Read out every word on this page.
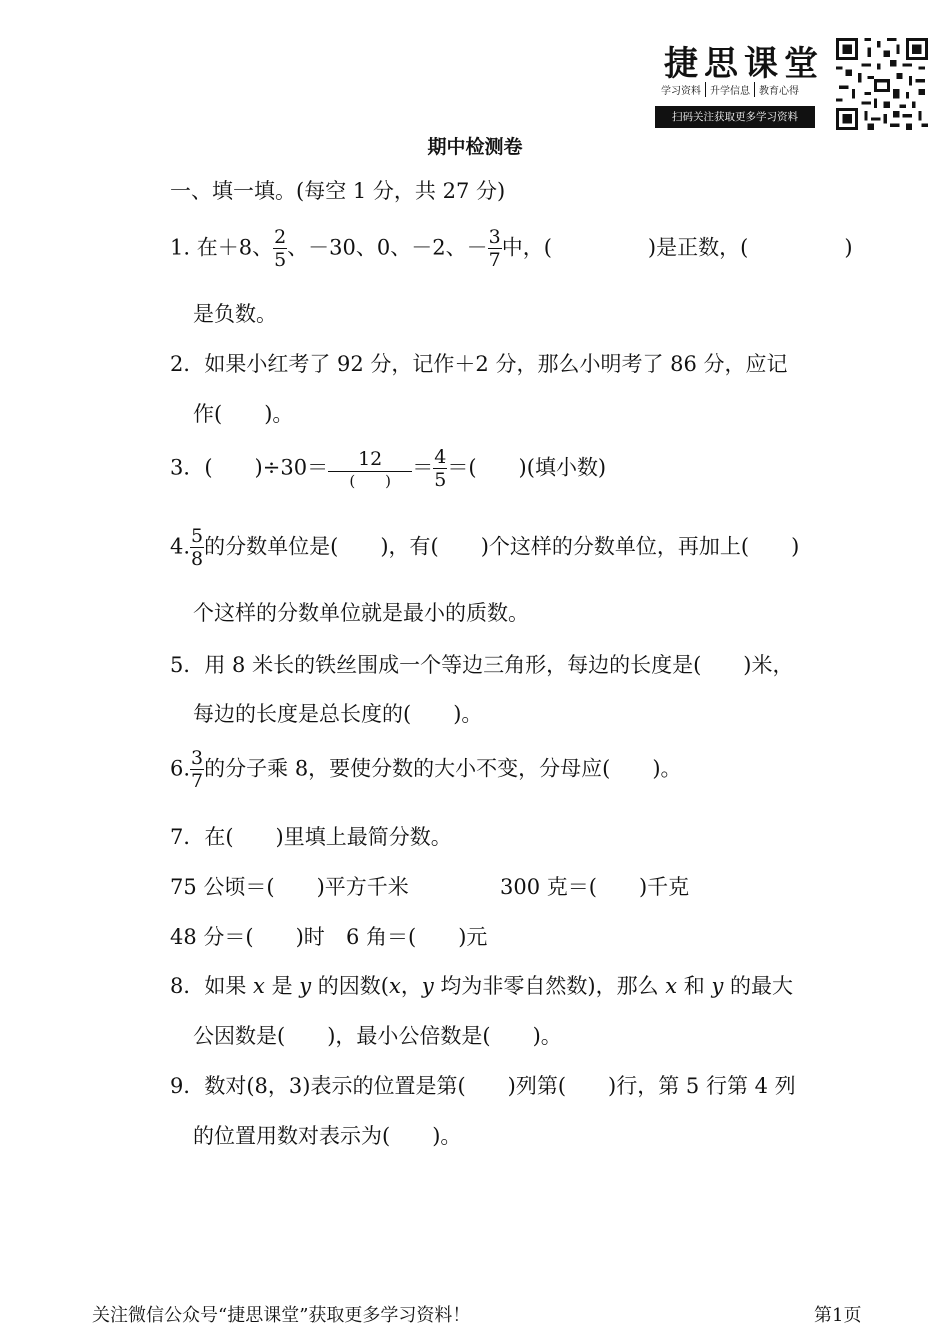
捷思课堂
学习资料 升学信息 教育心得
扫码关注获取更多学习资料
期中检测卷
一、填一填。(每空 1 分，共 27 分)
1. 在＋8、 $\frac{2}{5}$ 、－30、0、－2、－ $\frac{3}{7}$ 中，(	)是正数，(	)
是负数。
2．如果小红考了 92 分，记作＋2 分，那么小明考了 86 分，应记
作(　　)。
3．(　　)$\div 30= \frac{12}{( )} = \frac{4}{5}$ ＝(　　)(填小数)
4. $\frac{5}{8}$ 的分数单位是(　　)，有(　　)个这样的分数单位，再加上(　　)
个这样的分数单位就是最小的质数。
5．用 8 米长的铁丝围成一个等边三角形，每边的长度是(　　)米，
每边的长度是总长度的(　　)。
6. $\frac{3}{7}$ 的分子乘 8，要使分数的大小不变，分母应(　　)。
7．在(　　)里填上最简分数。
75 公顷＝(　　)平方千米	300 克＝(　　)千克
48 分＝(　　)时 6 角＝(　　)元
8．如果 x 是 y 的因数(x，y 均为非零自然数)，那么 x 和 y 的最大
公因数是(　　)，最小公倍数是(　　)。
9．数对(8，3)表示的位置是第(　　)列第(　　)行，第 5 行第 4 列
的位置用数对表示为(　　)。
关注微信公众号“捷思课堂”获取更多学习资料！	第1页
